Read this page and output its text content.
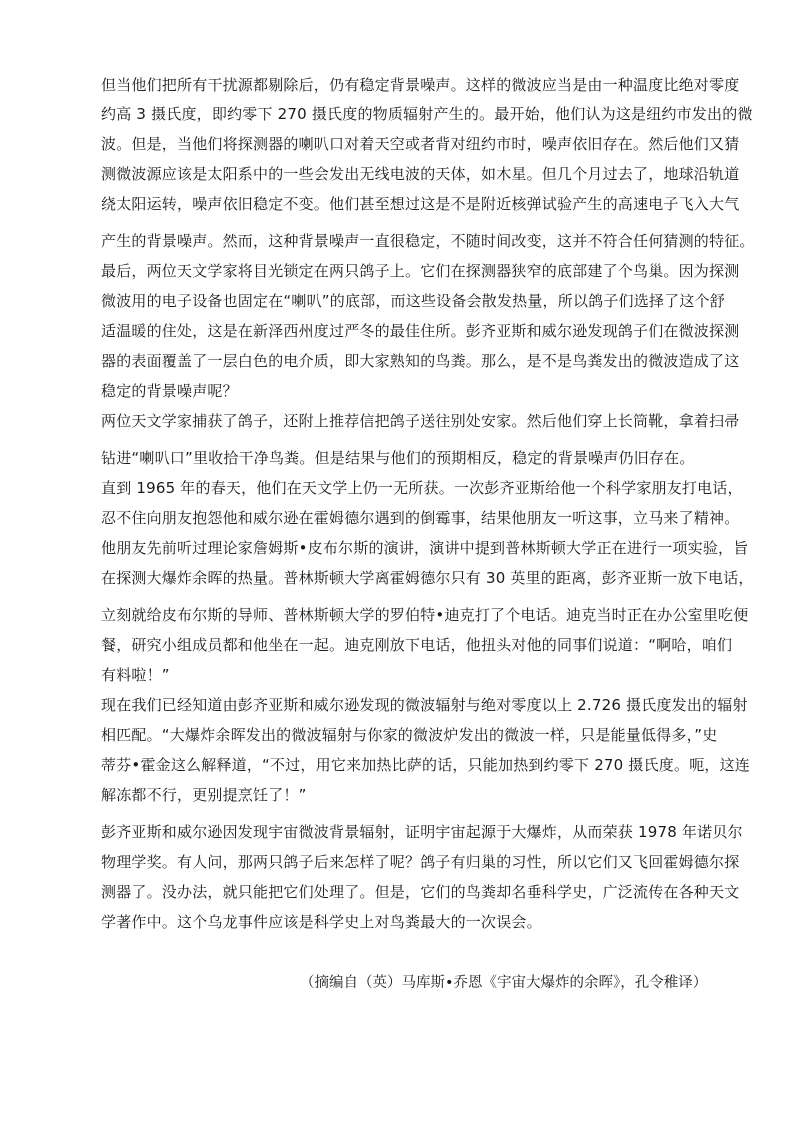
但当他们把所有干扰源都剔除后，仍有稳定背景噪声。这样的微波应当是由一种温度比绝对零度
约高 3 摄氏度，即约零下 270 摄氏度的物质辐射产生的。最开始，他们认为这是纽约市发出的微
波。但是，当他们将探测器的喇叭口对着天空或者背对纽约市时，噪声依旧存在。然后他们又猜
测微波源应该是太阳系中的一些会发出无线电波的天体，如木星。但几个月过去了，地球沿轨道
绕太阳运转，噪声依旧稳定不变。他们甚至想过这是不是附近核弹试验产生的高速电子飞入大气
产生的背景噪声。然而，这种背景噪声一直很稳定，不随时间改变，这并不符合任何猜测的特征。
最后，两位天文学家将目光锁定在两只鸽子上。它们在探测器狭窄的底部建了个鸟巢。因为探测
微波用的电子设备也固定在“喇叭”的底部，而这些设备会散发热量，所以鸽子们选择了这个舒
适温暖的住处，这是在新泽西州度过严冬的最佳住所。彭齐亚斯和威尔逊发现鸽子们在微波探测
器的表面覆盖了一层白色的电介质，即大家熟知的鸟粪。那么，是不是鸟粪发出的微波造成了这
稳定的背景噪声呢？
两位天文学家捕获了鸽子，还附上推荐信把鸽子送往别处安家。然后他们穿上长筒靴，拿着扫帚
钻进“喇叭口”里收拾干净鸟粪。但是结果与他们的预期相反，稳定的背景噪声仍旧存在。
直到 1965 年的春天，他们在天文学上仍一无所获。一次彭齐亚斯给他一个科学家朋友打电话，
忍不住向朋友抱怨他和威尔逊在霍姆德尔遇到的倒霉事，结果他朋友一听这事，立马来了精神。
他朋友先前听过理论家詹姆斯•皮布尔斯的演讲，演讲中提到普林斯顿大学正在进行一项实验，旨
在探测大爆炸余晖的热量。普林斯顿大学离霍姆德尔只有 30 英里的距离，彭齐亚斯一放下电话，
立刻就给皮布尔斯的导师、普林斯顿大学的罗伯特•迪克打了个电话。迪克当时正在办公室里吃便
餐，研究小组成员都和他坐在一起。迪克刚放下电话，他扭头对他的同事们说道：“啊哈，咱们
有料啦！”
现在我们已经知道由彭齐亚斯和威尔逊发现的微波辐射与绝对零度以上 2.726 摄氏度发出的辐射
相匹配。“大爆炸余晖发出的微波辐射与你家的微波炉发出的微波一样，只是能量低得多，”史
蒂芬•霍金这么解释道，“不过，用它来加热比萨的话，只能加热到约零下 270 摄氏度。呃，这连
解冻都不行，更别提烹饪了！”
彭齐亚斯和威尔逊因发现宇宙微波背景辐射，证明宇宙起源于大爆炸，从而荣获 1978 年诺贝尔
物理学奖。有人问，那两只鸽子后来怎样了呢？鸽子有归巢的习性，所以它们又飞回霍姆德尔探
测器了。没办法，就只能把它们处理了。但是，它们的鸟粪却名垂科学史，广泛流传在各种天文
学著作中。这个乌龙事件应该是科学史上对鸟粪最大的一次误会。
（摘编自（英）马库斯•乔恩《宇宙大爆炸的余晖》，孔令稚译）
